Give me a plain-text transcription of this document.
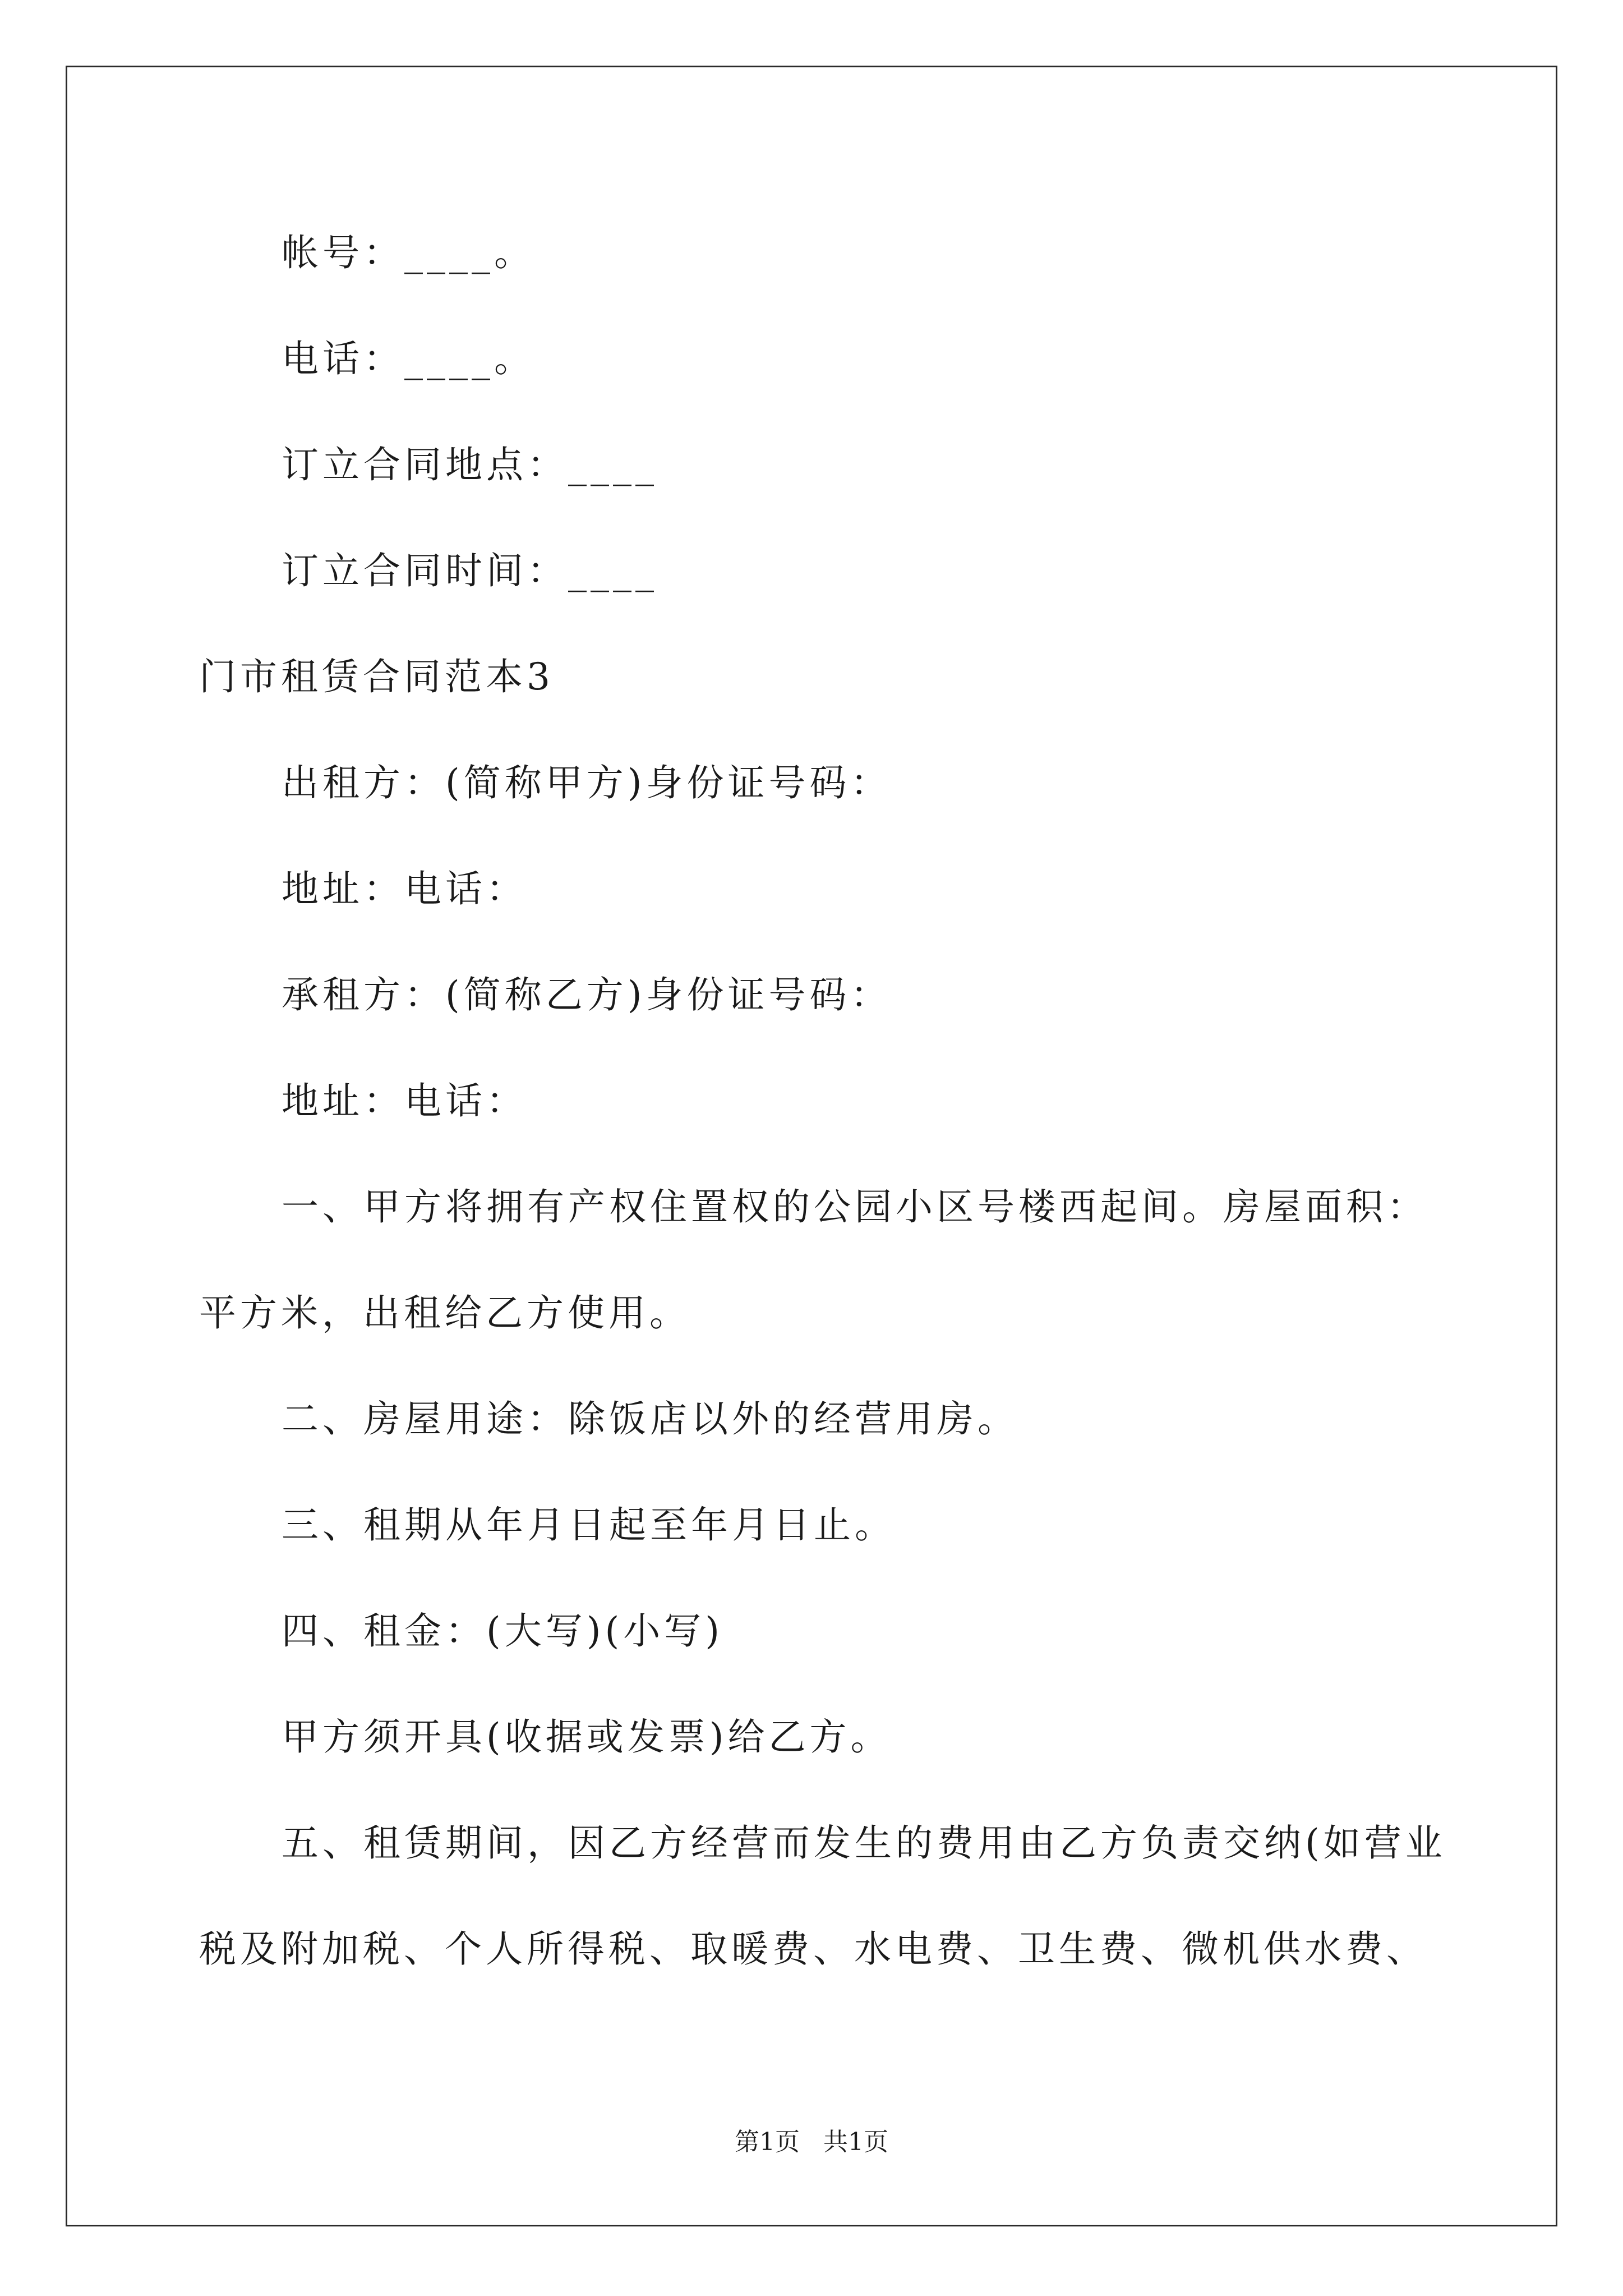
帐号：____。
电话：____。
订立合同地点：____
订立合同时间：____
门市租赁合同范本3
出租方：(简称甲方)身份证号码：
地址：电话：
承租方：(简称乙方)身份证号码：
地址：电话：
一、甲方将拥有产权住置权的公园小区号楼西起间。房屋面积：
平方米，出租给乙方使用。
二、房屋用途：除饭店以外的经营用房。
三、租期从年月日起至年月日止。
四、租金：(大写)(小写)
甲方须开具(收据或发票)给乙方。
五、租赁期间，因乙方经营而发生的费用由乙方负责交纳(如营业
税及附加税、个人所得税、取暖费、水电费、卫生费、微机供水费、
第1页   共1页
